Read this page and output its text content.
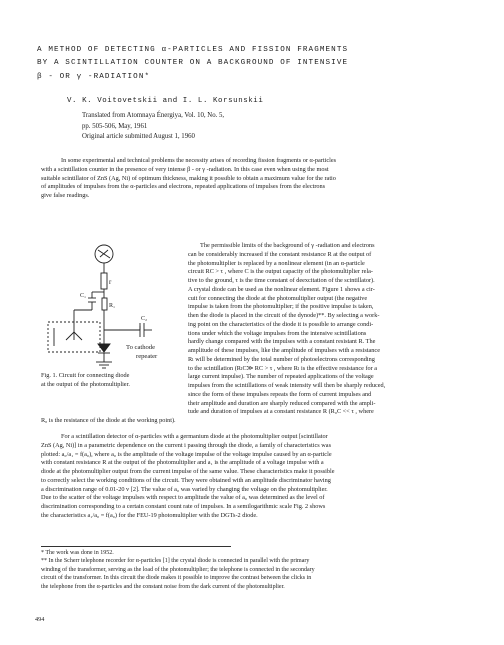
A METHOD OF DETECTING α-PARTICLES AND FISSION FRAGMENTS
BY A SCINTILLATION COUNTER ON A BACKGROUND OF INTENSIVE
β - OR γ -RADIATION*
V. K. Voitovetskii and I. L. Korsunskii
Translated from Atomnaya Énergiya, Vol. 10, No. 5,
pp. 505-506, May, 1961
Original article submitted August 1, 1960
In some experimental and technical problems the necessity arises of recording fission fragments or α-particles
with a scintillation counter in the presence of very intense β - or γ -radiation. In this case even when using the most
suitable scintillator of ZnS (Ag, Ni) of optimum thickness, making it possible to obtain a maximum value for the ratio
of amplitudes of impulses from the α-particles and electrons, repeated applications of impulses from the electrons
give false readings.
r
C₁
R₁
C₂
To cathode
repeater
Fig. 1. Circuit for connecting diode
at the output of the photomultiplier.
The permissible limits of the background of γ -radiation and electrons
can be considerably increased if the constant resistance R at the output of
the photomultiplier is replaced by a nonlinear element (in an α-particle
circuit RC > τ , where C is the output capacity of the photomultiplier rela-
tive to the ground, τ is the time constant of deexcitation of the scintillator).
A crystal diode can be used as the nonlinear element. Figure 1 shows a cir-
cuit for connecting the diode at the photomultiplier output (the negative
impulse is taken from the photomultiplier; if the positive impulse is taken,
then the diode is placed in the circuit of the dynode)**. By selecting a work-
ing point on the characteristics of the diode it is possible to arrange condi-
tions under which the voltage impulses from the intensive scintillations
hardly change compared with the impulses with a constant resistant R. The
amplitude of these impulses, like the amplitude of impulses with a resistance
Rₗ will be determined by the total number of photoelectrons corresponding
to the scintillation (RₗC≫ RC > τ , where Rₗ is the effective resistance for a
large current impulse). The number of repeated applications of the voltage
impulses from the scintillations of weak intensity will then be sharply reduced,
since the form of these impulses repeats the form of current impulses and
their amplitude and duration are sharply reduced compared with the ampli-
tude and duration of impulses at a constant resistance R (R₀C << τ , where
R₀ is the resistance of the diode at the working point).
For a scintillation detector of α-particles with a germanium diode at the photomultiplier output [scintillator
ZnS (Ag, Ni)] in a parametric dependence on the current i passing through the diode, a family of characteristics was
plotted: a₀/a₁ = f(a₀), where a₀ is the amplitude of the voltage impulse of the voltage impulse caused by an α-particle
with constant resistance R at the output of the photomultiplier and a₁ is the amplitude of a voltage impulse with a
diode at the photomultiplier output from the current impulse of the same value. These characteristics make it possible
to correctly select the working conditions of the circuit. They were obtained with an amplitude discriminator having
a discrimination range of 0.01-20 v [2]. The value of a₀ was varied by changing the voltage on the photomultiplier.
Due to the scatter of the voltage impulses with respect to amplitude the value of a₀ was determined as the level of
discrimination corresponding to a certain constant count rate of impulses. In a semilogarithmic scale Fig. 2 shows
the characteristics a₁/a₀ = f(a₀) for the FEU-19 photomultiplier with the DGTs-2 diode.
* The work was done in 1952.
** In the Scherr telephone recorder for α-particles [1] the crystal diode is connected in parallel with the primary
winding of the transformer, serving as the load of the photomultiplier; the telephone is connected in the secondary
circuit of the transformer. In this circuit the diode makes it possible to improve the contrast between the clicks in
the telephone from the α-particles and the constant noise from the dark current of the photomultiplier.
494
